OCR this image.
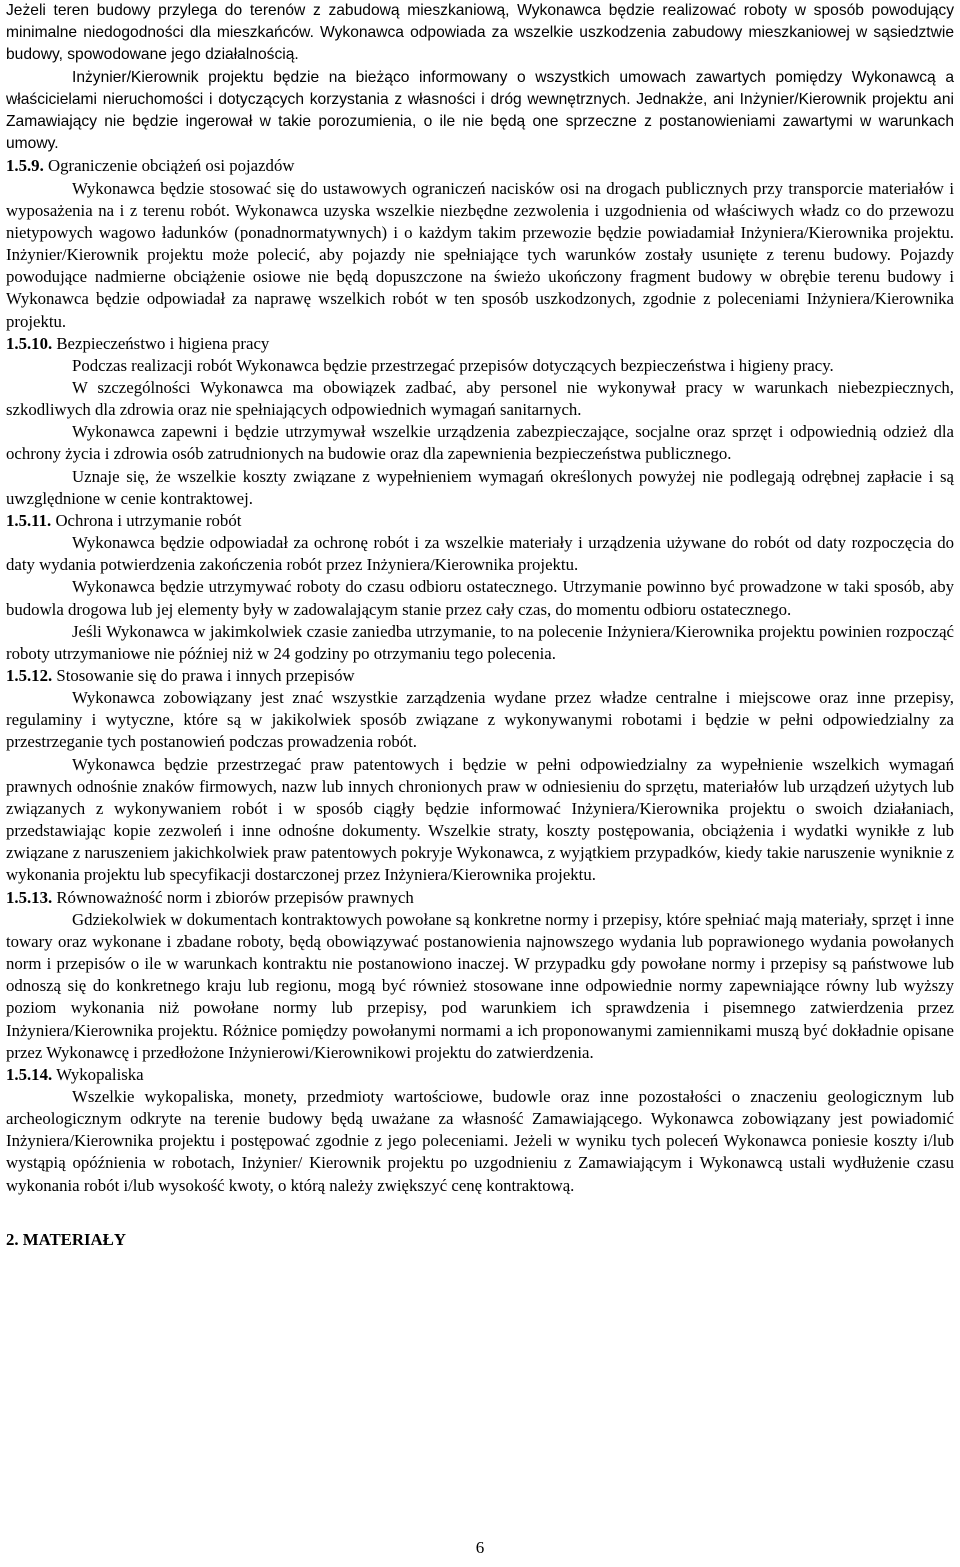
Jeżeli teren budowy przylega do terenów z zabudową mieszkaniową, Wykonawca będzie realizować roboty w sposób powodujący minimalne niedogodności dla mieszkańców. Wykonawca odpowiada za wszelkie uszkodzenia zabudowy mieszkaniowej w sąsiedztwie budowy, spowodowane jego działalnością.

Inżynier/Kierownik projektu będzie na bieżąco informowany o wszystkich umowach zawartych pomiędzy Wykonawcą a właścicielami nieruchomości i dotyczących korzystania z własności i dróg wewnętrznych. Jednakże, ani Inżynier/Kierownik projektu ani Zamawiający nie będzie ingerował w takie porozumienia, o ile nie będą one sprzeczne z postanowieniami zawartymi w warunkach umowy.

1.5.9. Ograniczenie obciążeń osi pojazdów

Wykonawca będzie stosować się do ustawowych ograniczeń nacisków osi na drogach publicznych przy transporcie materiałów i wyposażenia na i z terenu robót. Wykonawca uzyska wszelkie niezbędne zezwolenia i uzgodnienia od właściwych władz co do przewozu nietypowych wagowo ładunków (ponadnormatywnych) i o każdym takim przewozie będzie powiadamiał Inżyniera/Kierownika projektu. Inżynier/Kierownik projektu może polecić, aby pojazdy nie spełniające tych warunków zostały usunięte z terenu budowy. Pojazdy powodujące nadmierne obciążenie osiowe nie będą dopuszczone na świeżo ukończony fragment budowy w obrębie terenu budowy i Wykonawca będzie odpowiadał za naprawę wszelkich robót w ten sposób uszkodzonych, zgodnie z poleceniami Inżyniera/Kierownika projektu.

1.5.10. Bezpieczeństwo i higiena pracy

Podczas realizacji robót Wykonawca będzie przestrzegać przepisów dotyczących bezpieczeństwa i higieny pracy.

W szczególności Wykonawca ma obowiązek zadbać, aby personel nie wykonywał pracy w warunkach niebezpiecznych, szkodliwych dla zdrowia oraz nie spełniających odpowiednich wymagań sanitarnych.

Wykonawca zapewni i będzie utrzymywał wszelkie urządzenia zabezpieczające, socjalne oraz sprzęt i odpowiednią odzież dla ochrony życia i zdrowia osób zatrudnionych na budowie oraz dla zapewnienia bezpieczeństwa publicznego.

Uznaje się, że wszelkie koszty związane z wypełnieniem wymagań określonych powyżej nie podlegają odrębnej zapłacie i są uwzględnione w cenie kontraktowej.

1.5.11. Ochrona i utrzymanie robót

Wykonawca będzie odpowiadał za ochronę robót i za wszelkie materiały i urządzenia używane do robót od daty rozpoczęcia do daty wydania potwierdzenia zakończenia robót przez Inżyniera/Kierownika projektu.

Wykonawca będzie utrzymywać roboty do czasu odbioru ostatecznego. Utrzymanie powinno być prowadzone w taki sposób, aby budowla drogowa lub jej elementy były w zadowalającym stanie przez cały czas, do momentu odbioru ostatecznego.

Jeśli Wykonawca w jakimkolwiek czasie zaniedba utrzymanie, to na polecenie Inżyniera/Kierownika projektu powinien rozpocząć roboty utrzymaniowe nie później niż w 24 godziny po otrzymaniu tego polecenia.

1.5.12. Stosowanie się do prawa i innych przepisów

Wykonawca zobowiązany jest znać wszystkie zarządzenia wydane przez władze centralne i miejscowe oraz inne przepisy, regulaminy i wytyczne, które są w jakikolwiek sposób związane z wykonywanymi robotami i będzie w pełni odpowiedzialny za przestrzeganie tych postanowień podczas prowadzenia robót.

Wykonawca będzie przestrzegać praw patentowych i będzie w pełni odpowiedzialny za wypełnienie wszelkich wymagań prawnych odnośnie znaków firmowych, nazw lub innych chronionych praw w odniesieniu do sprzętu, materiałów lub urządzeń użytych lub związanych z wykonywaniem robót i w sposób ciągły będzie informować Inżyniera/Kierownika projektu o swoich działaniach, przedstawiając kopie zezwoleń i inne odnośne dokumenty. Wszelkie straty, koszty postępowania, obciążenia i wydatki wynikłe z lub związane z naruszeniem jakichkolwiek praw patentowych pokryje Wykonawca, z wyjątkiem przypadków, kiedy takie naruszenie wyniknie z wykonania projektu lub specyfikacji dostarczonej przez Inżyniera/Kierownika projektu.

1.5.13. Równoważność norm i zbiorów przepisów prawnych

Gdziekolwiek w dokumentach kontraktowych powołane są konkretne normy i przepisy, które spełniać mają materiały, sprzęt i inne towary oraz wykonane i zbadane roboty, będą obowiązywać postanowienia najnowszego wydania lub poprawionego wydania powołanych norm i przepisów o ile w warunkach kontraktu nie postanowiono inaczej. W przypadku gdy powołane normy i przepisy są państwowe lub odnoszą się do konkretnego kraju lub regionu, mogą być również stosowane inne odpowiednie normy zapewniające równy lub wyższy poziom wykonania niż powołane normy lub przepisy, pod warunkiem ich sprawdzenia i pisemnego zatwierdzenia przez Inżyniera/Kierownika projektu. Różnice pomiędzy powołanymi normami a ich proponowanymi zamiennikami muszą być dokładnie opisane przez Wykonawcę i przedłożone Inżynierowi/Kierownikowi projektu do zatwierdzenia.

1.5.14. Wykopaliska

Wszelkie wykopaliska, monety, przedmioty wartościowe, budowle oraz inne pozostałości o znaczeniu geologicznym lub archeologicznym odkryte na terenie budowy będą uważane za własność Zamawiającego. Wykonawca zobowiązany jest powiadomić Inżyniera/Kierownika projektu i postępować zgodnie z jego poleceniami. Jeżeli w wyniku tych poleceń Wykonawca poniesie koszty i/lub wystąpią opóźnienia w robotach, Inżynier/ Kierownik projektu po uzgodnieniu z Zamawiającym i Wykonawcą ustali wydłużenie czasu wykonania robót i/lub wysokość kwoty, o którą należy zwiększyć cenę kontraktową.

2. MATERIAŁY
6
